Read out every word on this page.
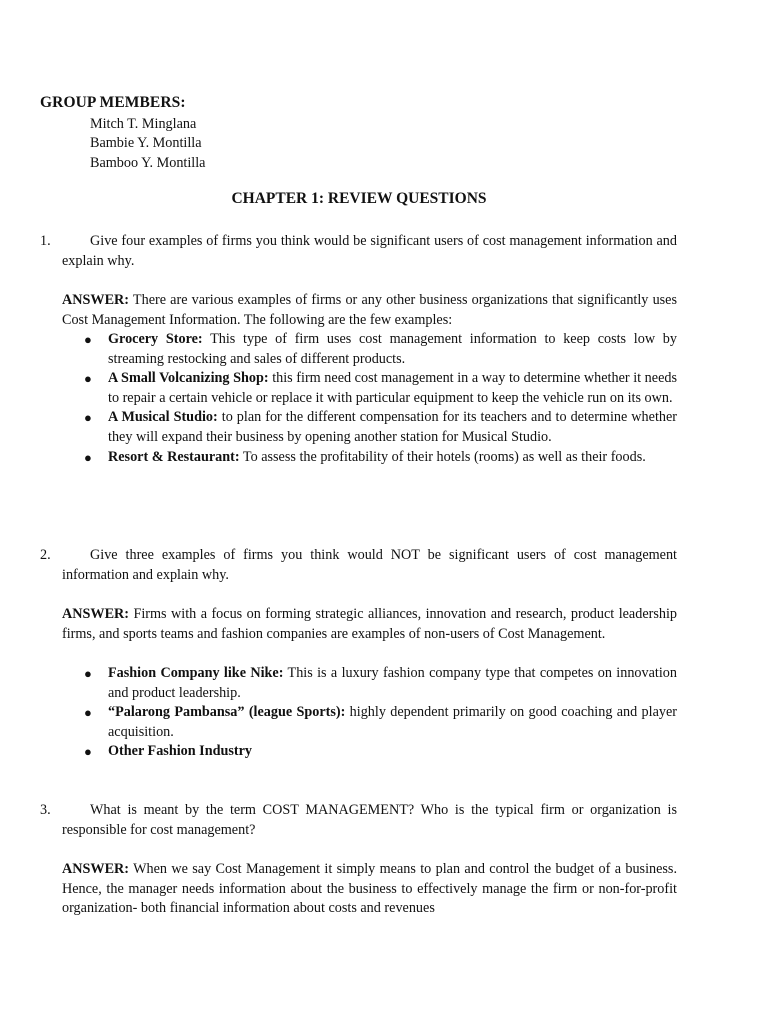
GROUP MEMBERS:
Mitch T. Minglana
Bambie Y. Montilla
Bamboo Y. Montilla
CHAPTER 1: REVIEW QUESTIONS
1.	Give four examples of firms you think would be significant users of cost management information and explain why.
ANSWER: There are various examples of firms or any other business organizations that significantly uses Cost Management Information. The following are the few examples:
● Grocery Store: This type of firm uses cost management information to keep costs low by streaming restocking and sales of different products.
● A Small Volcanizing Shop: this firm need cost management in a way to determine whether it needs to repair a certain vehicle or replace it with particular equipment to keep the vehicle run on its own.
● A Musical Studio: to plan for the different compensation for its teachers and to determine whether they will expand their business by opening another station for Musical Studio.
● Resort & Restaurant: To assess the profitability of their hotels (rooms) as well as their foods.
2.	Give three examples of firms you think would NOT be significant users of cost management information and explain why.
ANSWER: Firms with a focus on forming strategic alliances, innovation and research, product leadership firms, and sports teams and fashion companies are examples of non-users of Cost Management.
● Fashion Company like Nike: This is a luxury fashion company type that competes on innovation and product leadership.
● “Palarong Pambansa” (league Sports): highly dependent primarily on good coaching and player acquisition.
● Other Fashion Industry
3.	What is meant by the term COST MANAGEMENT? Who is the typical firm or organization is responsible for cost management?
ANSWER: When we say Cost Management it simply means to plan and control the budget of a business. Hence, the manager needs information about the business to effectively manage the firm or non-for-profit organization- both financial information about costs and revenues
